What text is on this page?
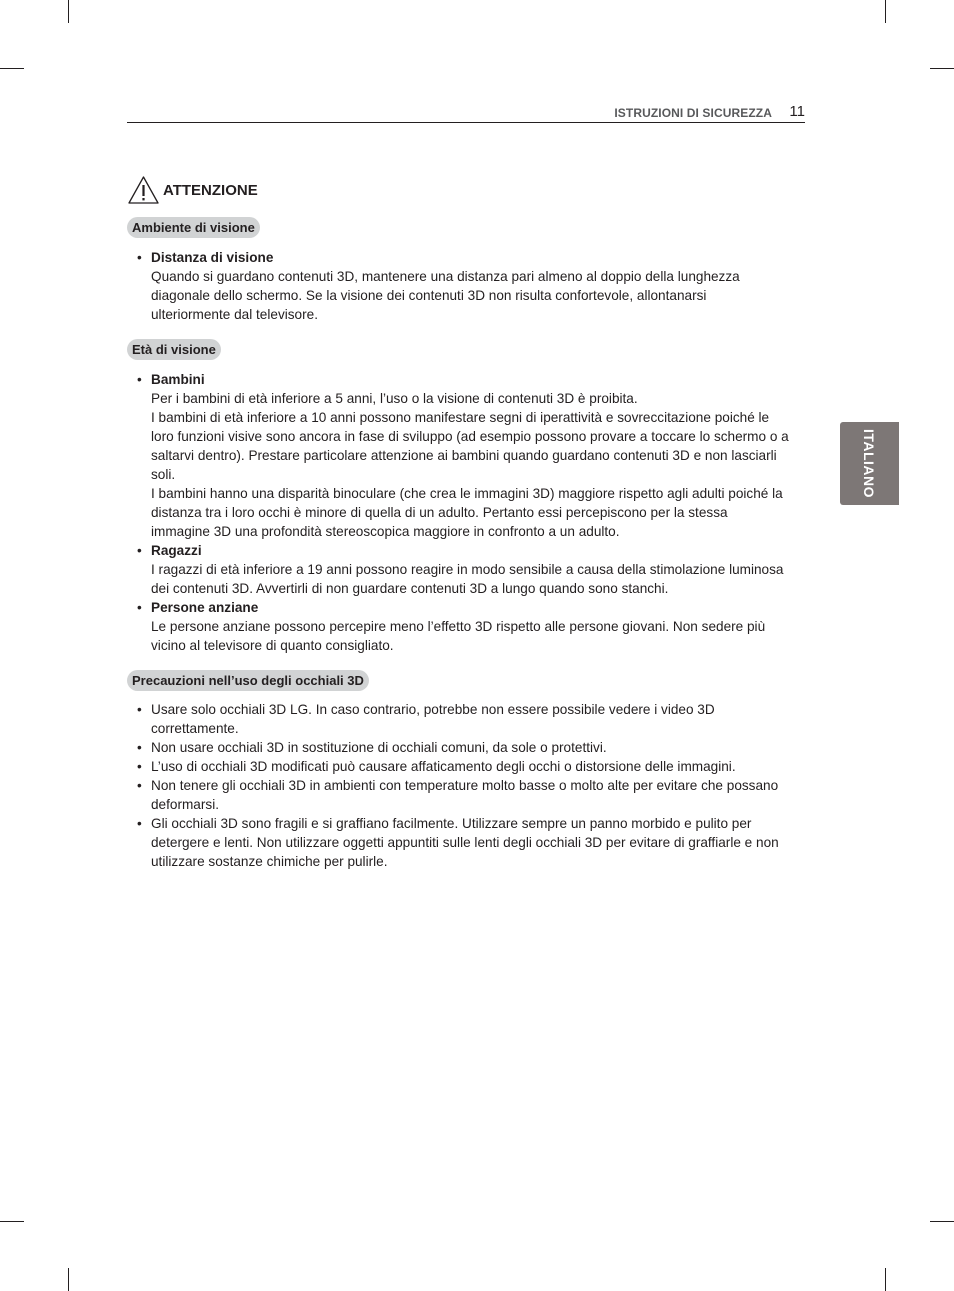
ISTRUZIONI DI SICUREZZA 11
ITALIANO
ATTENZIONE
Ambiente di visione
• Distanza di visione
Quando si guardano contenuti 3D, mantenere una distanza pari almeno al doppio della lunghezza diagonale dello schermo. Se la visione dei contenuti 3D non risulta confortevole, allontanarsi ulteriormente dal televisore.
Età di visione
• Bambini
Per i bambini di età inferiore a 5 anni, l’uso o la visione di contenuti 3D è proibita.
I bambini di età inferiore a 10 anni possono manifestare segni di iperattività e sovreccitazione poiché le loro funzioni visive sono ancora in fase di sviluppo (ad esempio possono provare a toccare lo schermo o a saltarvi dentro). Prestare particolare attenzione ai bambini quando guardano contenuti 3D e non lasciarli soli.
I bambini hanno una disparità binoculare (che crea le immagini 3D) maggiore rispetto agli adulti poiché la distanza tra i loro occhi è minore di quella di un adulto. Pertanto essi percepiscono per la stessa immagine 3D una profondità stereoscopica maggiore in confronto a un adulto.
• Ragazzi
I ragazzi di età inferiore a 19 anni possono reagire in modo sensibile a causa della stimolazione luminosa dei contenuti 3D. Avvertirli di non guardare contenuti 3D a lungo quando sono stanchi.
• Persone anziane
Le persone anziane possono percepire meno l’effetto 3D rispetto alle persone giovani. Non sedere più vicino al televisore di quanto consigliato.
Precauzioni nell’uso degli occhiali 3D
• Usare solo occhiali 3D LG. In caso contrario, potrebbe non essere possibile vedere i video 3D correttamente.
• Non usare occhiali 3D in sostituzione di occhiali comuni, da sole o protettivi.
• L’uso di occhiali 3D modificati può causare affaticamento degli occhi o distorsione delle immagini.
• Non tenere gli occhiali 3D in ambienti con temperature molto basse o molto alte per evitare che possano deformarsi.
• Gli occhiali 3D sono fragili e si graffiano facilmente. Utilizzare sempre un panno morbido e pulito per detergere e lenti. Non utilizzare oggetti appuntiti sulle lenti degli occhiali 3D per evitare di graffiarle e non utilizzare sostanze chimiche per pulirle.
